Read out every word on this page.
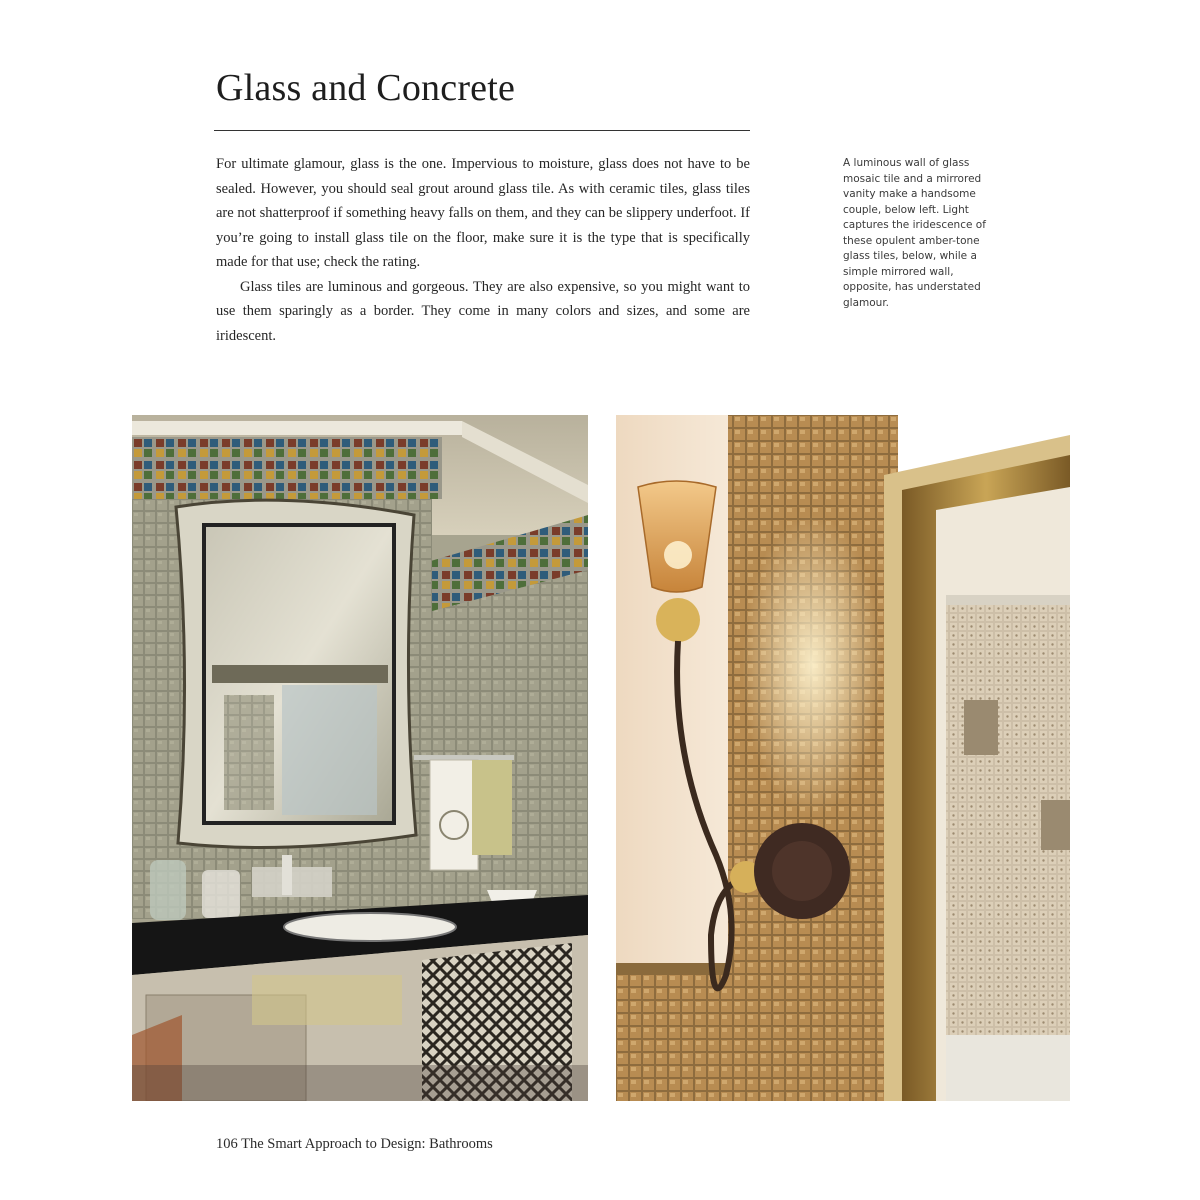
Glass and Concrete

For ultimate glamour, glass is the one. Impervious to moisture, glass does not have to be sealed. However, you should seal grout around glass tile. As with ceramic tiles, glass tiles are not shatterproof if something heavy falls on them, and they can be slippery underfoot. If you’re going to install glass tile on the floor, make sure it is the type that is specifically made for that use; check the rating.

Glass tiles are luminous and gorgeous. They are also expensive, so you might want to use them sparingly as a border. They come in many colors and sizes, and some are iridescent.

A luminous wall of glass mosaic tile and a mirrored vanity make a handsome couple, below left. Light captures the iridescence of these opulent amber-tone glass tiles, below, while a simple mirrored wall, opposite, has understated glamour.
106 The Smart Approach to Design: Bathrooms
